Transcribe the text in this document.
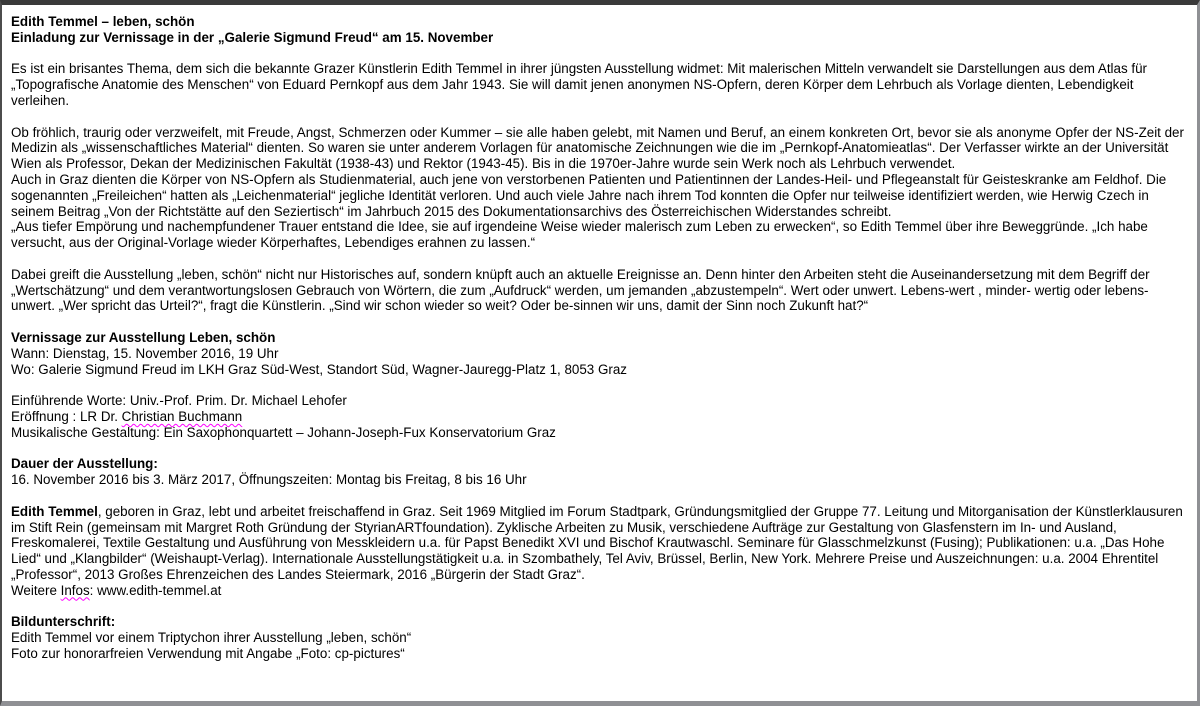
Edith Temmel – leben, schön
Einladung zur Vernissage in der „Galerie Sigmund Freud“ am 15. November
Es ist ein brisantes Thema, dem sich die bekannte Grazer Künstlerin Edith Temmel in ihrer jüngsten Ausstellung widmet: Mit malerischen Mitteln verwandelt sie Darstellungen aus dem Atlas für „Topografische Anatomie des Menschen“ von Eduard Pernkopf aus dem Jahr 1943. Sie will damit jenen anonymen NS-Opfern, deren Körper dem Lehrbuch als Vorlage dienten, Lebendigkeit verleihen.
Ob fröhlich, traurig oder verzweifelt, mit Freude, Angst, Schmerzen oder Kummer – sie alle haben gelebt, mit Namen und Beruf, an einem konkreten Ort, bevor sie als anonyme Opfer der NS-Zeit der Medizin als „wissenschaftliches Material“ dienten. So waren sie unter anderem Vorlagen für anatomische Zeichnungen wie die im „Pernkopf-Anatomieatlas“. Der Verfasser wirkte an der Universität Wien als Professor, Dekan der Medizinischen Fakultät (1938-43) und Rektor (1943-45). Bis in die 1970er-Jahre wurde sein Werk noch als Lehrbuch verwendet.
Auch in Graz dienten die Körper von NS-Opfern als Studienmaterial, auch jene von verstorbenen Patienten und Patientinnen der Landes-Heil- und Pflegeanstalt für Geisteskranke am Feldhof. Die sogenannten „Freileichen“ hatten als „Leichenmaterial“ jegliche Identität verloren. Und auch viele Jahre nach ihrem Tod konnten die Opfer nur teilweise identifiziert werden, wie Herwig Czech in seinem Beitrag „Von der Richtstätte auf den Seziertisch“ im Jahrbuch 2015 des Dokumentationsarchivs des Österreichischen Widerstandes schreibt.
„Aus tiefer Empörung und nachempfundener Trauer entstand die Idee, sie auf irgendeine Weise wieder malerisch zum Leben zu erwecken“, so Edith Temmel über ihre Beweggründe. „Ich habe versucht, aus der Original-Vorlage wieder Körperhaftes, Lebendiges erahnen zu lassen.“
Dabei greift die Ausstellung „leben, schön“ nicht nur Historisches auf, sondern knüpft auch an aktuelle Ereignisse an. Denn hinter den Arbeiten steht die Auseinandersetzung mit dem Begriff der „Wertschätzung“ und dem verantwortungslosen Gebrauch von Wörtern, die zum „Aufdruck“ werden, um jemanden „abzustempeln“. Wert oder unwert. Lebens-wert , minder- wertig oder lebens-unwert. „Wer spricht das Urteil?“, fragt die Künstlerin. „Sind wir schon wieder so weit? Oder be-sinnen wir uns, damit der Sinn noch Zukunft hat?“
Vernissage zur Ausstellung Leben, schön
Wann: Dienstag, 15. November 2016, 19 Uhr
Wo: Galerie Sigmund Freud im LKH Graz Süd-West, Standort Süd, Wagner-Jauregg-Platz 1, 8053 Graz
Einführende Worte: Univ.-Prof. Prim. Dr. Michael Lehofer
Eröffnung : LR Dr. Christian Buchmann
Musikalische Gestaltung: Ein Saxophonquartett – Johann-Joseph-Fux Konservatorium Graz
Dauer der Ausstellung:
16. November 2016 bis 3. März 2017, Öffnungszeiten: Montag bis Freitag, 8 bis 16 Uhr
Edith Temmel, geboren in Graz, lebt und arbeitet freischaffend in Graz. Seit 1969 Mitglied im Forum Stadtpark, Gründungsmitglied der Gruppe 77. Leitung und Mitorganisation der Künstlerklausuren im Stift Rein (gemeinsam mit Margret Roth Gründung der StyrianARTfoundation). Zyklische Arbeiten zu Musik, verschiedene Aufträge zur Gestaltung von Glasfenstern im In- und Ausland, Freskomalerei, Textile Gestaltung und Ausführung von Messkleidern u.a. für Papst Benedikt XVI und Bischof Krautwaschl. Seminare für Glasschmelzkunst (Fusing); Publikationen: u.a. „Das Hohe Lied“ und „Klangbilder“ (Weishaupt-Verlag). Internationale Ausstellungstätigkeit u.a. in Szombathely, Tel Aviv, Brüssel, Berlin, New York. Mehrere Preise und Auszeichnungen: u.a. 2004 Ehrentitel „Professor“, 2013 Großes Ehrenzeichen des Landes Steiermark, 2016 „Bürgerin der Stadt Graz“.
Weitere Infos: www.edith-temmel.at
Bildunterschrift:
Edith Temmel vor einem Triptychon ihrer Ausstellung „leben, schön“
Foto zur honorarfreien Verwendung mit Angabe „Foto: cp-pictures“
